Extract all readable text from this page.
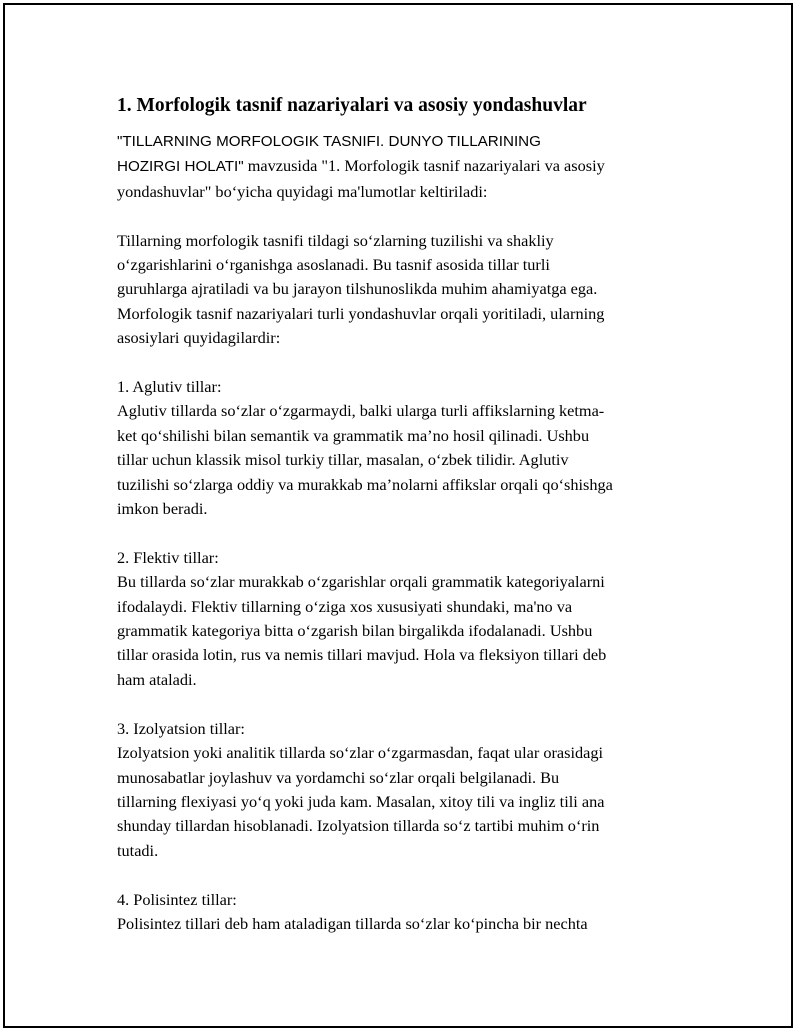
1. Morfologik tasnif nazariyalari va asosiy yondashuvlar

"TILLARNING MORFOLOGIK TASNIFI. DUNYO TILLARINING

HOZIRGI HOLATI" mavzusida "1. Morfologik tasnif nazariyalari va asosiy

yondashuvlar" bo‘yicha quyidagi ma'lumotlar keltiriladi:

Tillarning morfologik tasnifi tildagi so‘zlarning tuzilishi va shakliy

o‘zgarishlarini o‘rganishga asoslanadi. Bu tasnif asosida tillar turli

guruhlarga ajratiladi va bu jarayon tilshunoslikda muhim ahamiyatga ega.

Morfologik tasnif nazariyalari turli yondashuvlar orqali yoritiladi, ularning

asosiylari quyidagilardir:

1. Aglutiv tillar:

Aglutiv tillarda so‘zlar o‘zgarmaydi, balki ularga turli affikslarning ketma-

ket qo‘shilishi bilan semantik va grammatik ma’no hosil qilinadi. Ushbu

tillar uchun klassik misol turkiy tillar, masalan, o‘zbek tilidir. Aglutiv

tuzilishi so‘zlarga oddiy va murakkab ma’nolarni affikslar orqali qo‘shishga

imkon beradi.

2. Flektiv tillar:

Bu tillarda so‘zlar murakkab o‘zgarishlar orqali grammatik kategoriyalarni

ifodalaydi. Flektiv tillarning o‘ziga xos xususiyati shundaki, ma'no va

grammatik kategoriya bitta o‘zgarish bilan birgalikda ifodalanadi. Ushbu

tillar orasida lotin, rus va nemis tillari mavjud. Hola va fleksiyon tillari deb

ham ataladi.

3. Izolyatsion tillar:

Izolyatsion yoki analitik tillarda so‘zlar o‘zgarmasdan, faqat ular orasidagi

munosabatlar joylashuv va yordamchi so‘zlar orqali belgilanadi. Bu

tillarning flexiyasi yo‘q yoki juda kam. Masalan, xitoy tili va ingliz tili ana

shunday tillardan hisoblanadi. Izolyatsion tillarda so‘z tartibi muhim o‘rin

tutadi.

4. Polisintez tillar:

Polisintez tillari deb ham ataladigan tillarda so‘zlar ko‘pincha bir nechta
